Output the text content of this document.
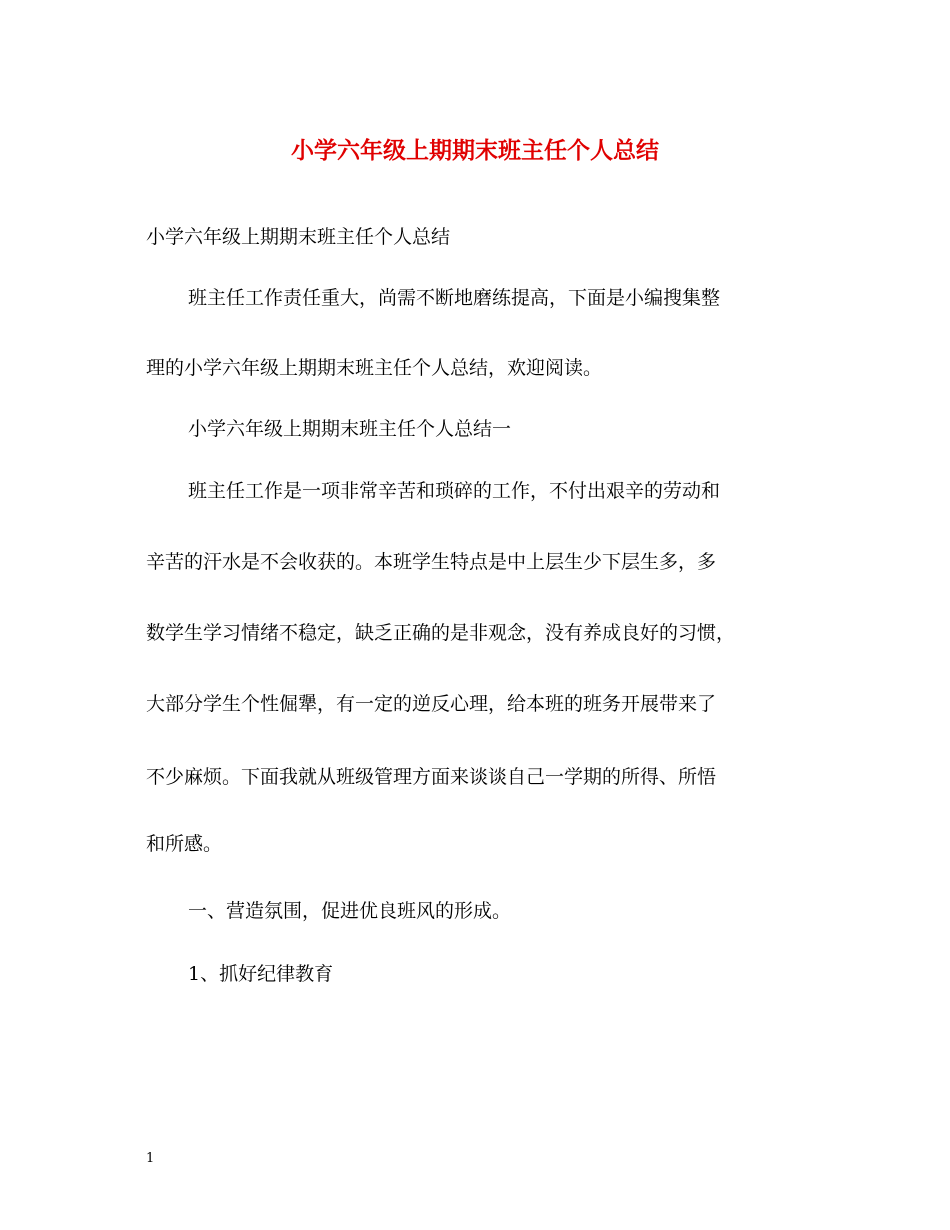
小学六年级上期期末班主任个人总结
小学六年级上期期末班主任个人总结
班主任工作责任重大，尚需不断地磨练提高，下面是小编搜集整
理的小学六年级上期期末班主任个人总结，欢迎阅读。
小学六年级上期期末班主任个人总结一
班主任工作是一项非常辛苦和琐碎的工作，不付出艰辛的劳动和
辛苦的汗水是不会收获的。本班学生特点是中上层生少下层生多，多
数学生学习情绪不稳定，缺乏正确的是非观念，没有养成良好的习惯，
大部分学生个性倔犟，有一定的逆反心理，给本班的班务开展带来了
不少麻烦。下面我就从班级管理方面来谈谈自己一学期的所得、所悟
和所感。
一、营造氛围，促进优良班风的形成。
1、抓好纪律教育
1
